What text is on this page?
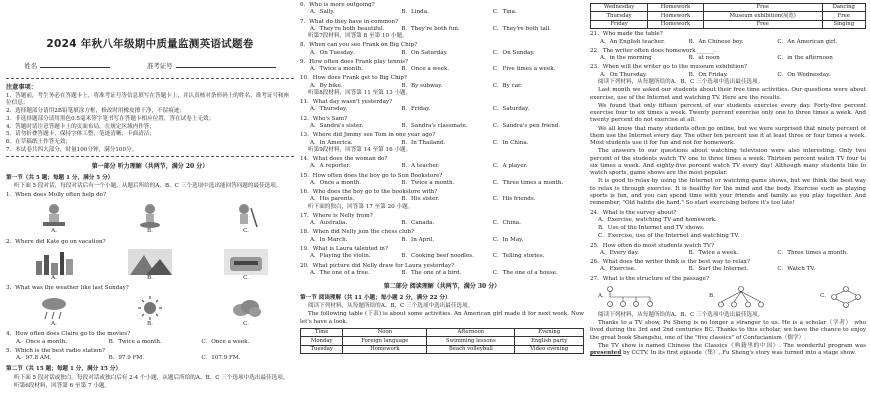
2024 年秋八年级期中质量监测英语试题卷
姓名	准考证号
注意事项：

1．答题前，考生务必在答题卡上，将准考证号等信息填写在答题卡上，并认真核对条形码上的姓名、准考证号和座位信息；

2．选择题部分请用2B铅笔填涂方框，修改时用橡皮擦干净，不留痕迹；

3．非选择题部分请用黑色0.5毫米签字笔书写在答题卡相应位置，答在试卷上无效；

4．答题时请注意答题卡上的页面布局，在规定区域内作答；

5．请勿折叠答题卡，保持字体工整、笔迹清晰、卡面清洁；

6．在草稿纸上作答无效；

7．本试卷共四大部分，时量100分钟，满分100分。

第一部分 听力理解（共两节，满分 20 分）
第一节（共 5 题；每题 1 分，满分 5 分）
听下面 5 段对话，每段对话后有一个小题，从题后所给的A、B、C 三个选项中选出能回答问题的最佳选项。
1．When does Molly often help do?
A.	B.	C.
2．Where did Kate go on vacation?
A.	B.	C.
3．What was the weather like last Sunday?
A.	B.	C.
4．How often does Claire go to the movies?
A．Once a month.	B．Twice a month.	C．Once a week.
5．Which is the best radio station?
A．97.8 AM.	B．97.9 FM.	C．107.9 FM.
第二节（共 15 题；每题 1 分，满分 15 分）
听下面 5 段对话或独白。每段对话或独白后有 2-4 个小题，从题后所给的A、B、C 三个选项中选出最佳选项。
听第6段材料，回答第 6 至第 7 小题。
6．Who is more outgoing?
A．Sally.	B．Linda.	C．Tina.
7．What do they have in common?
A．They're both beautiful.	B．They're both fun.	C．They're both tall.
听第7段材料，回答第 8 至第 10 小题。
8．When can you see Frank on Big Chip?
A．On Tuesday.	B．On Saturday.	C．On Sunday.
9．How often does Frank play tennis?
A．Twice a month.	B．Once a week.	C．Five times a week.
10．How does Frank get to Big Chip?
A．By bike.	B．By subway.	C．By car.
听第8段材料，回答第 11 至第 13 小题。
11．What day wasn't yesterday?
A．Thursday.	B．Friday.	C．Saturday.
12．Who's Sam?
A．Sandra's sister.	B．Sandra's classmate.	C．Sandra's pen friend.
13．Where did Jimmy see Tom in one year ago?
A．In America.	B．In Thailand.	C．In China.
听第9段材料，回答第 14 至第 16 小题。
14．What does the woman do?
A．A reporter.	B．A teacher.	C．A player.
15．How often does the boy go to Sun Bookstore?
A．Once a month.	B．Twice a month.	C．Three times a month.
16．Who does the boy go to the bookstore with?
A．His parents.	B．His sister.	C．His friends.
听下面的独白，回答第 17 至第 20 小题。
17．Where is Nelly from?
A．Australia.	B．Canada.	C．China.
18．When did Nelly join the chess club?
A．In March.	B．In April.	C．In May.
19．What is Laura talented in?
A．Playing the violin.	B．Cooking beef noodles.	C．Telling stories.
20．What picture did Nelly draw for Laura yesterday?
A．The one of a tree.	B．The one of a bird.	C．The one of a house.
第二部分 阅读理解（共两节，满分 30 分）
第一节 阅读理解（共 11 小题；每小题 2 分，满分 22 分）
阅读下列材料，从每题所给的A、B、C 三个选项中选出最佳选项。
The following table (下表) is about some activities. An American girl made it for next week. Now let's have a look.
Time	Noon	Afternoon	Evening
Monday	Foreign language	Swimming lessons	English party
Tuesday	Homework	Beach volleyball	Video evening
Wednesday	Homework	Free	Dancing
Thursday	Homework	Museum exhibition(展览)	Free
Friday	Homework	Free	Singing
21．Who made the table?
A．An English teacher.	B．An Chinese boy.	C．An American girl.
22．The writer often does homework ______.
A．in the morning	B．at noon	C．in the afternoon
23．When will the writer go to the museum exhibition?
A．On Thursday.	B．On Friday.	C．On Wednesday.
阅读下列材料，从每题所给的A、B、C 三个选项中选出最佳选项。
Last month we asked our students about their free time activities. Our questions were about exercise, use of the Internet and watching TV. Here are the results.
We found that only fifteen percent of our students exercise every day. Forty-five percent exercise four to six times a week. Twenty percent exercise only one to three times a week. And twenty percent do not exercise at all.
We all know that many students often go online, but we were surprised that ninety percent of them use the Internet every day. The other ten percent use it at least three or four times a week. Most students use it for fun and not for homework.
The answers to our questions about watching television were also interesting. Only two percent of the students watch TV one to three times a week. Thirteen percent watch TV four to six times a week. And eighty-five percent watch TV every day! Although many students like to watch sports, game shows are the most popular.
It is good to relax by using the Internet or watching game shows, but we think the best way to relax is through exercise. It is healthy for the mind and the body. Exercise such as playing sports is fun, and you can spend time with your friends and family as you play together. And remember, "Old habits die hard." So start exercising before it's too late!
24．What is the survey about?
A．Exercise, watching TV and homework.
B．Use of the Internet and TV shows.
C．Exercise, use of the Internet and watching TV.
25．How often do most students watch TV?
A．Every day.	B．Twice a week.	C．Three times a month.
26．What does the writer think is the best way to relax?
A．Exercise.	B．Surf the Internet.	C．Watch TV.
27．What is the structure of the passage?
A.	B.	C.
阅读下列材料，从每题所给的A、B、C 三个选项中选出最佳选项。
Thanks to a TV show, Pu Sheng is no longer a stranger to us. He is a scholar（学者） who lived during the 3rd and 2nd centuries BC. Thanks to this scholar, we have the chance to enjoy the great book Shangshu, one of the "five classics" of Confucianism（儒学）.
The TV show is named Chinese the Classics《典籍里的中国》. The wonderful program was presented by CCTV. In its first episode（集）, Fu Sheng's story was turned into a stage show.
